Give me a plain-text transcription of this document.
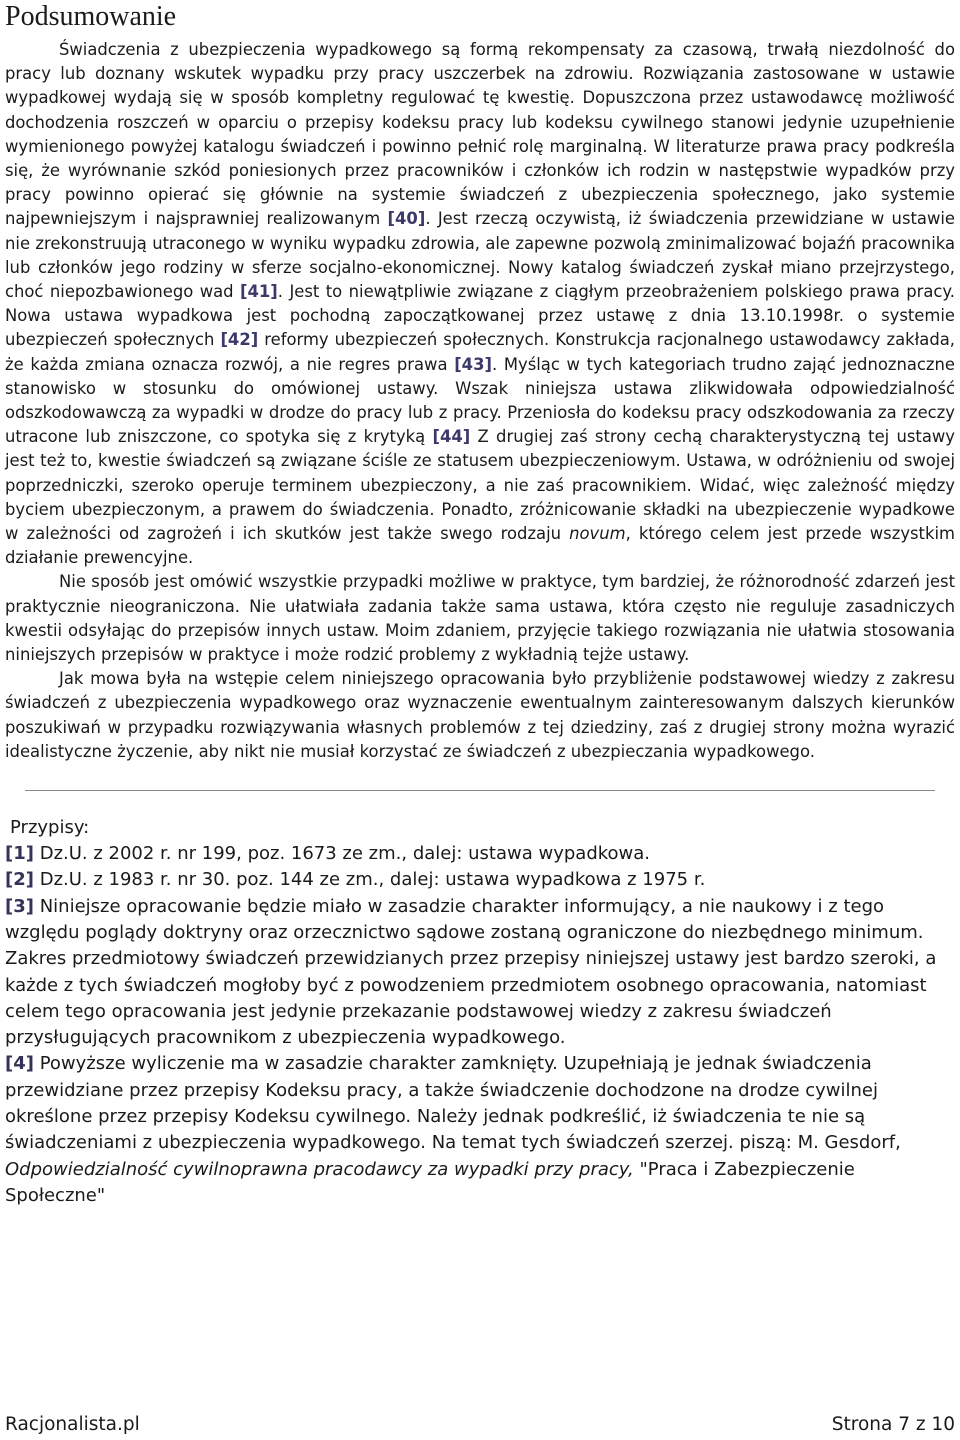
Podsumowanie

Świadczenia z ubezpieczenia wypadkowego są formą rekompensaty za czasową, trwałą niezdolność do pracy lub doznany wskutek wypadku przy pracy uszczerbek na zdrowiu. Rozwiązania zastosowane w ustawie wypadkowej wydają się w sposób kompletny regulować tę kwestię. Dopuszczona przez ustawodawcę możliwość dochodzenia roszczeń w oparciu o przepisy kodeksu pracy lub kodeksu cywilnego stanowi jedynie uzupełnienie wymienionego powyżej katalogu świadczeń i powinno pełnić rolę marginalną. W literaturze prawa pracy podkreśla się, że wyrównanie szkód poniesionych przez pracowników i członków ich rodzin w następstwie wypadków przy pracy powinno opierać się głównie na systemie świadczeń z ubezpieczenia społecznego, jako systemie najpewniejszym i najsprawniej realizowanym [40]. Jest rzeczą oczywistą, iż świadczenia przewidziane w ustawie nie zrekonstruują utraconego w wyniku wypadku zdrowia, ale zapewne pozwolą zminimalizować bojaźń pracownika lub członków jego rodziny w sferze socjalno-ekonomicznej. Nowy katalog świadczeń zyskał miano przejrzystego, choć niepozbawionego wad [41]. Jest to niewątpliwie związane z ciągłym przeobrażeniem polskiego prawa pracy. Nowa ustawa wypadkowa jest pochodną zapoczątkowanej przez ustawę z dnia 13.10.1998r. o systemie ubezpieczeń społecznych [42] reformy ubezpieczeń społecznych. Konstrukcja racjonalnego ustawodawcy zakłada, że każda zmiana oznacza rozwój, a nie regres prawa [43]. Myśląc w tych kategoriach trudno zająć jednoznaczne stanowisko w stosunku do omówionej ustawy. Wszak niniejsza ustawa zlikwidowała odpowiedzialność odszkodowawczą za wypadki w drodze do pracy lub z pracy. Przeniosła do kodeksu pracy odszkodowania za rzeczy utracone lub zniszczone, co spotyka się z krytyką [44] Z drugiej zaś strony cechą charakterystyczną tej ustawy jest też to, kwestie świadczeń są związane ściśle ze statusem ubezpieczeniowym. Ustawa, w odróżnieniu od swojej poprzedniczki, szeroko operuje terminem ubezpieczony, a nie zaś pracownikiem. Widać, więc zależność między byciem ubezpieczonym, a prawem do świadczenia. Ponadto, zróżnicowanie składki na ubezpieczenie wypadkowe w zależności od zagrożeń i ich skutków jest także swego rodzaju novum, którego celem jest przede wszystkim działanie prewencyjne.

Nie sposób jest omówić wszystkie przypadki możliwe w praktyce, tym bardziej, że różnorodność zdarzeń jest praktycznie nieograniczona. Nie ułatwiała zadania także sama ustawa, która często nie reguluje zasadniczych kwestii odsyłając do przepisów innych ustaw. Moim zdaniem, przyjęcie takiego rozwiązania nie ułatwia stosowania niniejszych przepisów w praktyce i może rodzić problemy z wykładnią tejże ustawy.

Jak mowa była na wstępie celem niniejszego opracowania było przybliżenie podstawowej wiedzy z zakresu świadczeń z ubezpieczenia wypadkowego oraz wyznaczenie ewentualnym zainteresowanym dalszych kierunków poszukiwań w przypadku rozwiązywania własnych problemów z tej dziedziny, zaś z drugiej strony można wyrazić idealistyczne życzenie, aby nikt nie musiał korzystać ze świadczeń z ubezpieczania wypadkowego.

Przypisy:

[1] Dz.U. z 2002 r. nr 199, poz. 1673 ze zm., dalej: ustawa wypadkowa.

[2] Dz.U. z 1983 r. nr 30. poz. 144 ze zm., dalej: ustawa wypadkowa z 1975 r.

[3] Niniejsze opracowanie będzie miało w zasadzie charakter informujący, a nie naukowy i z tego względu poglądy doktryny oraz orzecznictwo sądowe zostaną ograniczone do niezbędnego minimum. Zakres przedmiotowy świadczeń przewidzianych przez przepisy niniejszej ustawy jest bardzo szeroki, a każde z tych świadczeń mogłoby być z powodzeniem przedmiotem osobnego opracowania, natomiast celem tego opracowania jest jedynie przekazanie podstawowej wiedzy z zakresu świadczeń przysługujących pracownikom z ubezpieczenia wypadkowego.

[4] Powyższe wyliczenie ma w zasadzie charakter zamknięty. Uzupełniają je jednak świadczenia przewidziane przez przepisy Kodeksu pracy, a także świadczenie dochodzone na drodze cywilnej określone przez przepisy Kodeksu cywilnego. Należy jednak podkreślić, iż świadczenia te nie są świadczeniami z ubezpieczenia wypadkowego. Na temat tych świadczeń szerzej. piszą: M. Gesdorf, Odpowiedzialność cywilnoprawna pracodawcy za wypadki przy pracy, "Praca i Zabezpieczenie Społeczne"

Racjonalista.pl	Strona 7 z 10
